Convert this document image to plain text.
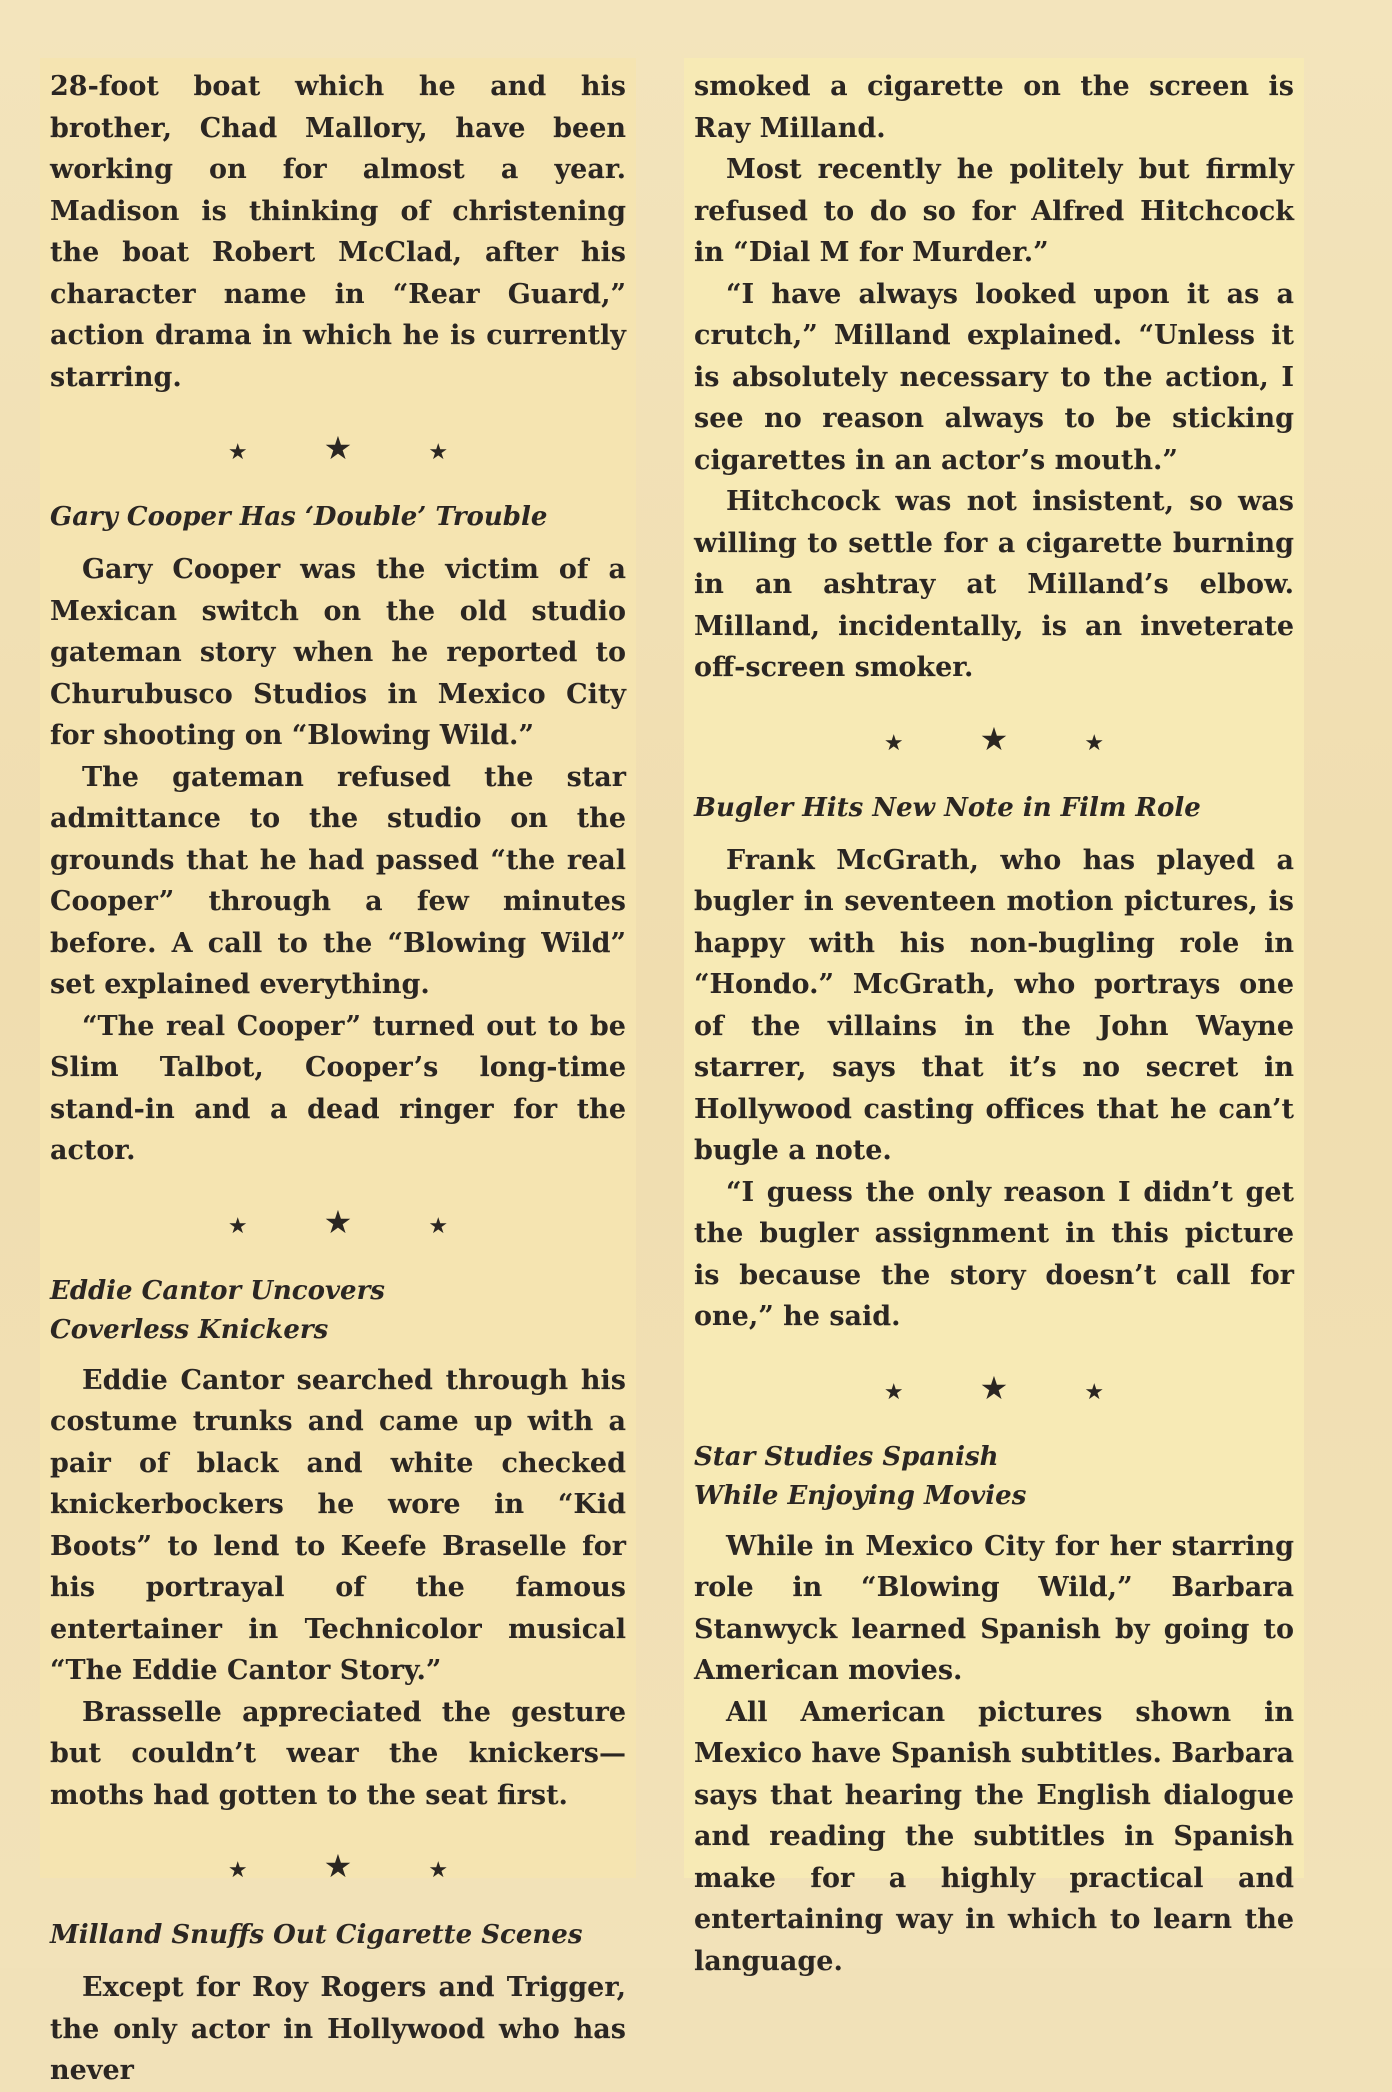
28-foot boat which he and his brother, Chad Mallory, have been working on for almost a year. Madison is thinking of christening the boat Robert McClad, after his character name in “Rear Guard,” action drama in which he is currently starring.

★ ★	★
Gary Cooper Has ‘Double’ Trouble

Gary Cooper was the victim of a Mexican switch on the old studio gateman story when he reported to Churubusco Studios in Mexico City for shooting on “Blowing Wild.”

The gateman refused the star admittance to the studio on the grounds that he had passed “the real Cooper” through a few minutes before. A call to the “Blowing Wild” set explained everything.

“The real Cooper” turned out to be Slim Talbot, Cooper’s long-time stand-in and a dead ringer for the actor.

★ ★	★
Eddie Cantor Uncovers
Coverless Knickers

Eddie Cantor searched through his costume trunks and came up with a pair of black and white checked knickerbockers he wore in “Kid Boots” to lend to Keefe Braselle for his portrayal of the famous entertainer in Technicolor musical “The Eddie Cantor Story.”

Brasselle appreciated the gesture but couldn’t wear the knickers—moths had gotten to the seat first.

★ ★	★
Milland Snuffs Out Cigarette Scenes

Except for Roy Rogers and Trigger, the only actor in Hollywood who has never

smoked a cigarette on the screen is Ray Milland.

Most recently he politely but firmly refused to do so for Alfred Hitchcock in “Dial M for Murder.”

“I have always looked upon it as a crutch,” Milland explained. “Unless it is absolutely necessary to the action, I see no reason always to be sticking cigarettes in an actor’s mouth.”

Hitchcock was not insistent, so was willing to settle for a cigarette burning in an ashtray at Milland’s elbow. Milland, incidentally, is an inveterate off-screen smoker.

★ ★	★
Bugler Hits New Note in Film Role

Frank McGrath, who has played a bugler in seventeen motion pictures, is happy with his non-bugling role in “Hondo.” McGrath, who portrays one of the villains in the John Wayne starrer, says that it’s no secret in Hollywood casting offices that he can’t bugle a note.

“I guess the only reason I didn’t get the bugler assignment in this picture is because the story doesn’t call for one,” he said.

★ ★	★
Star Studies Spanish
While Enjoying Movies

While in Mexico City for her starring role in “Blowing Wild,” Barbara Stanwyck learned Spanish by going to American movies.

All American pictures shown in Mexico have Spanish subtitles. Barbara says that hearing the English dialogue and reading the subtitles in Spanish make for a highly practical and entertaining way in which to learn the language.
